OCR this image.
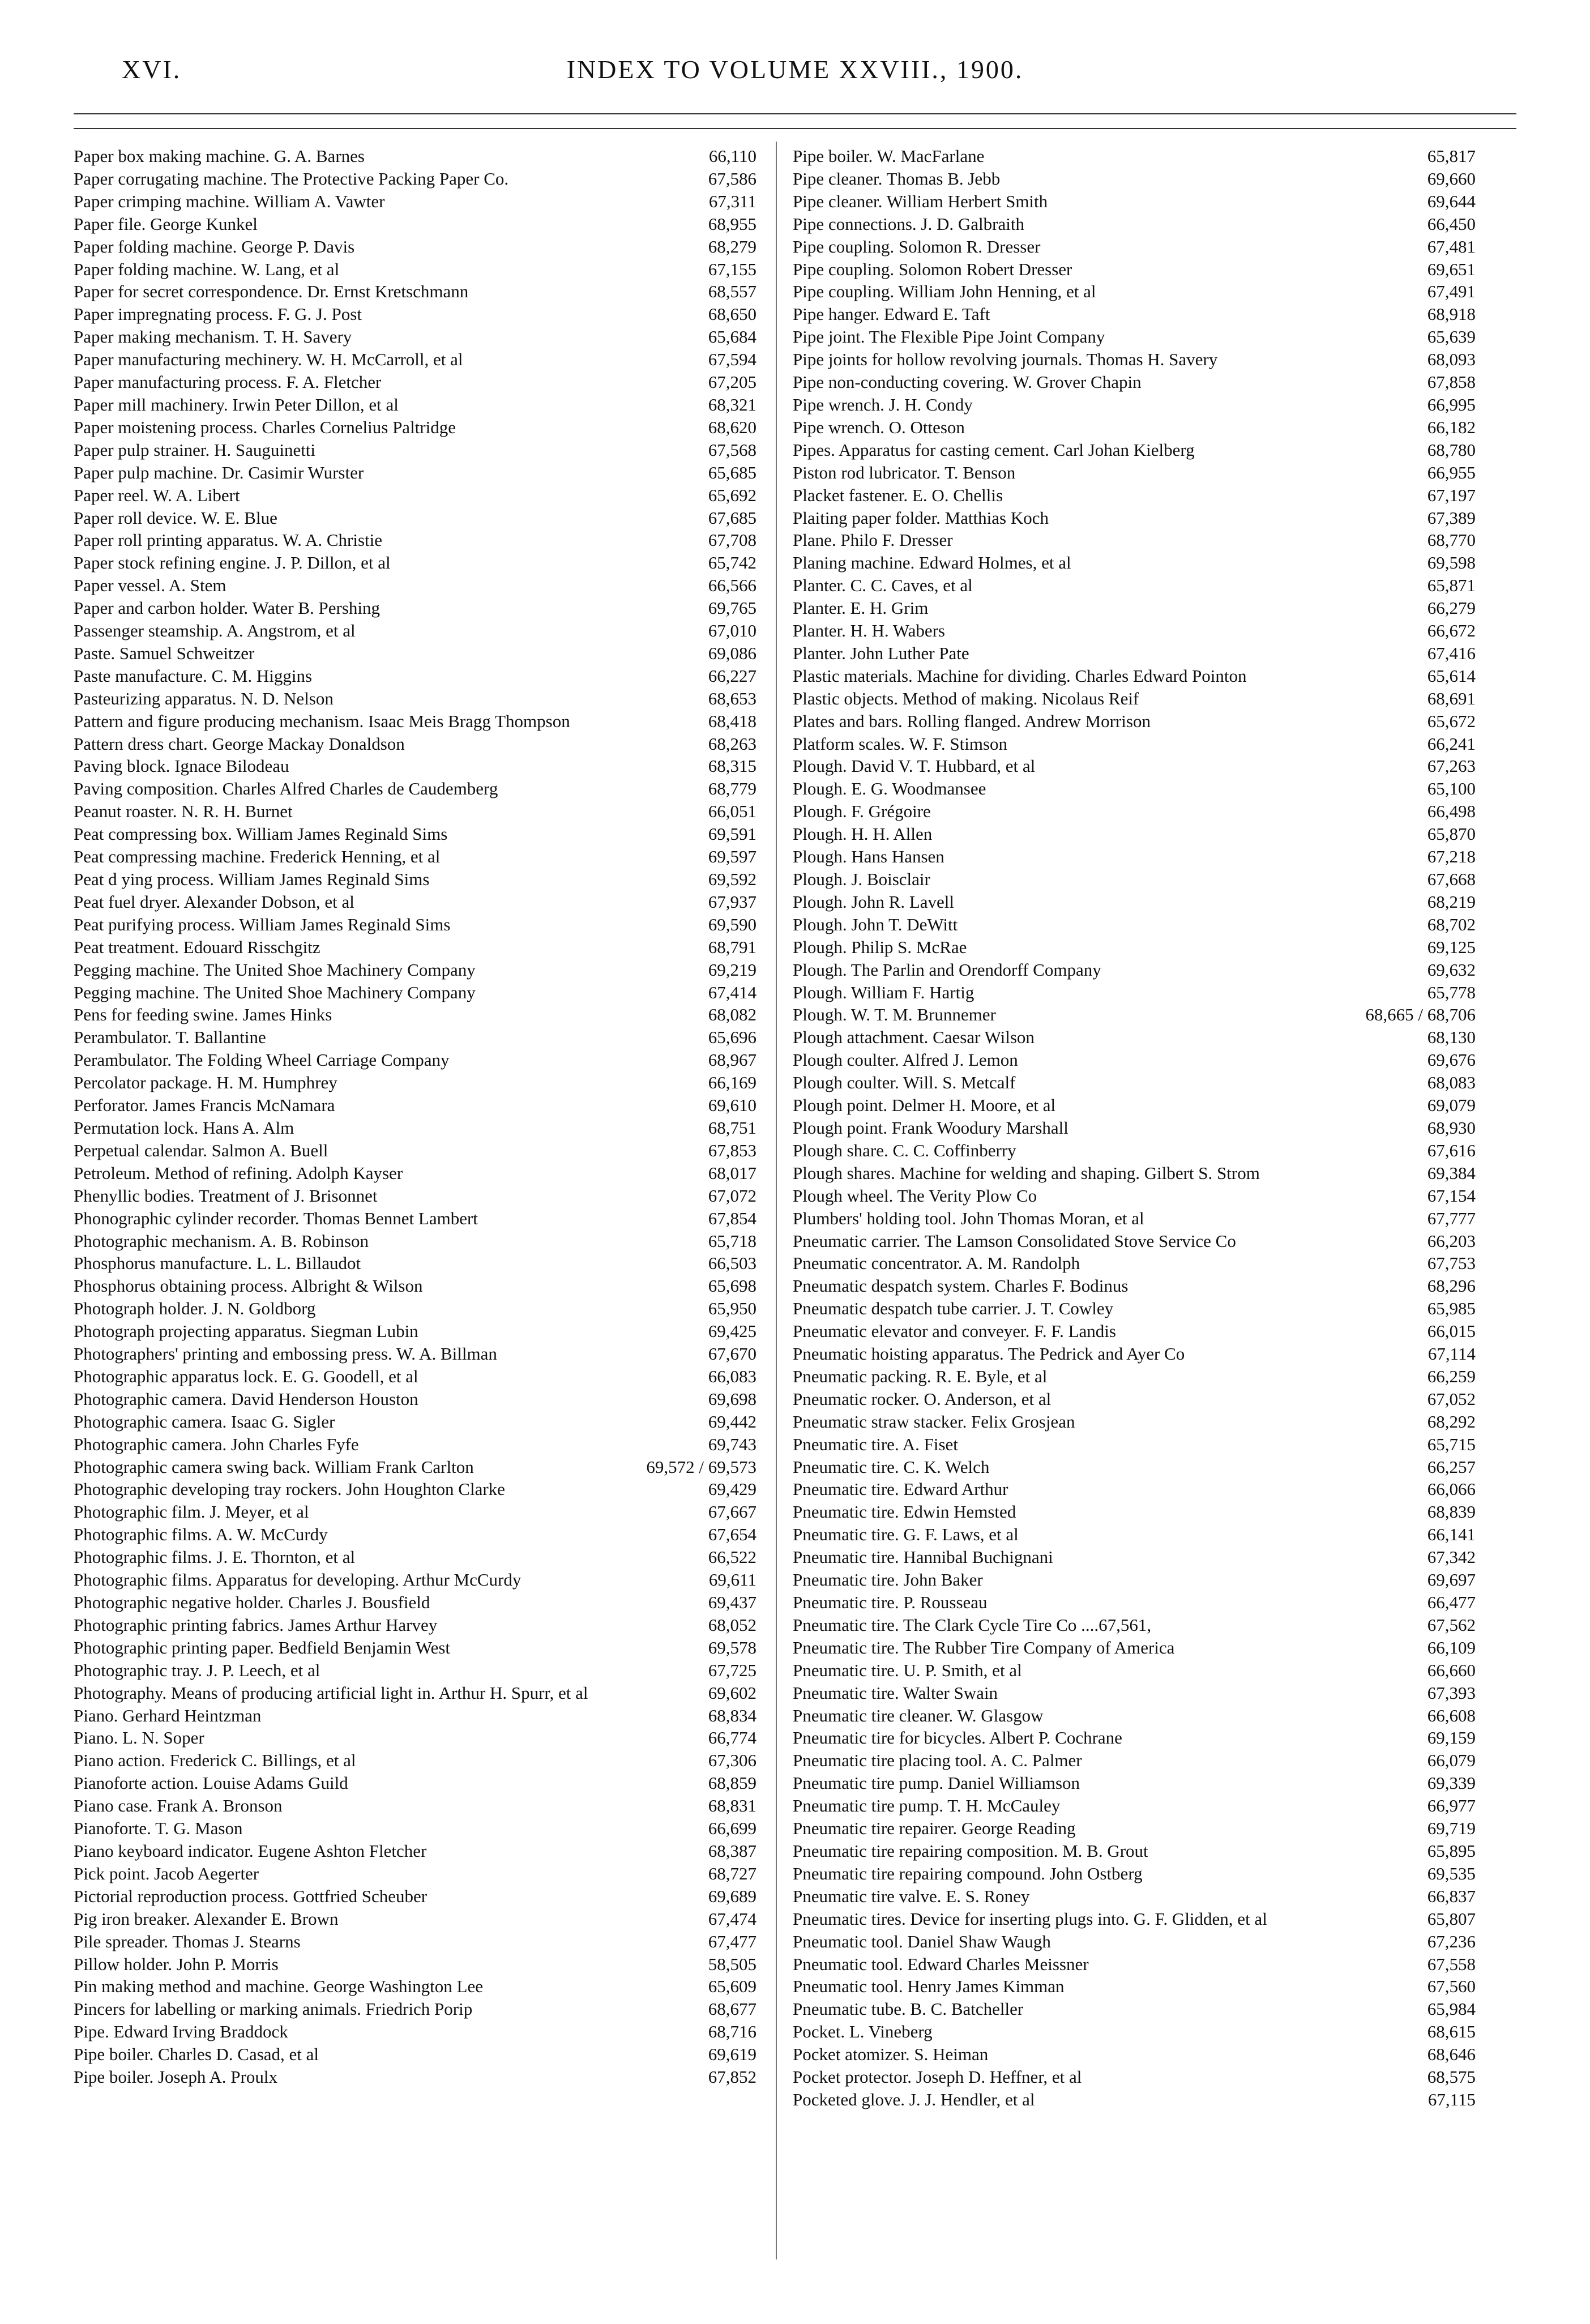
XVI.	INDEX TO VOLUME XXVIII., 1900.
Paper box making machine. G. A. Barnes	66,110
Paper corrugating machine. The Protective Packing Paper Co.	67,586
Paper crimping machine. William A. Vawter	67,311
Paper file. George Kunkel	68,955
Paper folding machine. George P. Davis	68,279
Paper folding machine. W. Lang, et al	67,155
Paper for secret correspondence. Dr. Ernst Kretschmann	68,557
Paper impregnating process. F. G. J. Post	68,650
Paper making mechanism. T. H. Savery	65,684
Paper manufacturing mechinery. W. H. McCarroll, et al	67,594
Paper manufacturing process. F. A. Fletcher	67,205
Paper mill machinery. Irwin Peter Dillon, et al	68,321
Paper moistening process. Charles Cornelius Paltridge	68,620
Paper pulp strainer. H. Sauguinetti	67,568
Paper pulp machine. Dr. Casimir Wurster	65,685
Paper reel. W. A. Libert	65,692
Paper roll device. W. E. Blue	67,685
Paper roll printing apparatus. W. A. Christie	67,708
Paper stock refining engine. J. P. Dillon, et al	65,742
Paper vessel. A. Stem	66,566
Paper and carbon holder. Water B. Pershing	69,765
Passenger steamship. A. Angstrom, et al	67,010
Paste. Samuel Schweitzer	69,086
Paste manufacture. C. M. Higgins	66,227
Pasteurizing apparatus. N. D. Nelson	68,653
Pattern and figure producing mechanism. Isaac Meis Bragg Thompson	68,418
Pattern dress chart. George Mackay Donaldson	68,263
Paving block. Ignace Bilodeau	68,315
Paving composition. Charles Alfred Charles de Caudemberg	68,779
Peanut roaster. N. R. H. Burnet	66,051
Peat compressing box. William James Reginald Sims	69,591
Peat compressing machine. Frederick Henning, et al	69,597
Peat d ying process. William James Reginald Sims	69,592
Peat fuel dryer. Alexander Dobson, et al	67,937
Peat purifying process. William James Reginald Sims	69,590
Peat treatment. Edouard Risschgitz	68,791
Pegging machine. The United Shoe Machinery Company	69,219
Pegging machine. The United Shoe Machinery Company	67,414
Pens for feeding swine. James Hinks	68,082
Perambulator. T. Ballantine	65,696
Perambulator. The Folding Wheel Carriage Company	68,967
Percolator package. H. M. Humphrey	66,169
Perforator. James Francis McNamara	69,610
Permutation lock. Hans A. Alm	68,751
Perpetual calendar. Salmon A. Buell	67,853
Petroleum. Method of refining. Adolph Kayser	68,017
Phenyllic bodies. Treatment of J. Brisonnet	67,072
Phonographic cylinder recorder. Thomas Bennet Lambert	67,854
Photographic mechanism. A. B. Robinson	65,718
Phosphorus manufacture. L. L. Billaudot	66,503
Phosphorus obtaining process. Albright & Wilson	65,698
Photograph holder. J. N. Goldborg	65,950
Photograph projecting apparatus. Siegman Lubin	69,425
Photographers' printing and embossing press. W. A. Billman	67,670
Photographic apparatus lock. E. G. Goodell, et al	66,083
Photographic camera. David Henderson Houston	69,698
Photographic camera. Isaac G. Sigler	69,442
Photographic camera. John Charles Fyfe	69,743
Photographic camera swing back. William Frank Carlton	69,572 / 69,573
Photographic developing tray rockers. John Houghton Clarke	69,429
Photographic film. J. Meyer, et al	67,667
Photographic films. A. W. McCurdy	67,654
Photographic films. J. E. Thornton, et al	66,522
Photographic films. Apparatus for developing. Arthur McCurdy	69,611
Photographic negative holder. Charles J. Bousfield	69,437
Photographic printing fabrics. James Arthur Harvey	68,052
Photographic printing paper. Bedfield Benjamin West	69,578
Photographic tray. J. P. Leech, et al	67,725
Photography. Means of producing artificial light in. Arthur H. Spurr, et al	69,602
Piano. Gerhard Heintzman	68,834
Piano. L. N. Soper	66,774
Piano action. Frederick C. Billings, et al	67,306
Pianoforte action. Louise Adams Guild	68,859
Piano case. Frank A. Bronson	68,831
Pianoforte. T. G. Mason	66,699
Piano keyboard indicator. Eugene Ashton Fletcher	68,387
Pick point. Jacob Aegerter	68,727
Pictorial reproduction process. Gottfried Scheuber	69,689
Pig iron breaker. Alexander E. Brown	67,474
Pile spreader. Thomas J. Stearns	67,477
Pillow holder. John P. Morris	58,505
Pin making method and machine. George Washington Lee	65,609
Pincers for labelling or marking animals. Friedrich Porip	68,677
Pipe. Edward Irving Braddock	68,716
Pipe boiler. Charles D. Casad, et al	69,619
Pipe boiler. Joseph A. Proulx	67,852
Pipe boiler. W. MacFarlane	65,817
Pipe cleaner. Thomas B. Jebb	69,660
Pipe cleaner. William Herbert Smith	69,644
Pipe connections. J. D. Galbraith	66,450
Pipe coupling. Solomon R. Dresser	67,481
Pipe coupling. Solomon Robert Dresser	69,651
Pipe coupling. William John Henning, et al	67,491
Pipe hanger. Edward E. Taft	68,918
Pipe joint. The Flexible Pipe Joint Company	65,639
Pipe joints for hollow revolving journals. Thomas H. Savery	68,093
Pipe non-conducting covering. W. Grover Chapin	67,858
Pipe wrench. J. H. Condy	66,995
Pipe wrench. O. Otteson	66,182
Pipes. Apparatus for casting cement. Carl Johan Kielberg	68,780
Piston rod lubricator. T. Benson	66,955
Placket fastener. E. O. Chellis	67,197
Plaiting paper folder. Matthias Koch	67,389
Plane. Philo F. Dresser	68,770
Planing machine. Edward Holmes, et al	69,598
Planter. C. C. Caves, et al	65,871
Planter. E. H. Grim	66,279
Planter. H. H. Wabers	66,672
Planter. John Luther Pate	67,416
Plastic materials. Machine for dividing. Charles Edward Pointon	65,614
Plastic objects. Method of making. Nicolaus Reif	68,691
Plates and bars. Rolling flanged. Andrew Morrison	65,672
Platform scales. W. F. Stimson	66,241
Plough. David V. T. Hubbard, et al	67,263
Plough. E. G. Woodmansee	65,100
Plough. F. Grégoire	66,498
Plough. H. H. Allen	65,870
Plough. Hans Hansen	67,218
Plough. J. Boisclair	67,668
Plough. John R. Lavell	68,219
Plough. John T. DeWitt	68,702
Plough. Philip S. McRae	69,125
Plough. The Parlin and Orendorff Company	69,632
Plough. William F. Hartig	65,778
Plough. W. T. M. Brunnemer	68,665 / 68,706
Plough attachment. Caesar Wilson	68,130
Plough coulter. Alfred J. Lemon	69,676
Plough coulter. Will. S. Metcalf	68,083
Plough point. Delmer H. Moore, et al	69,079
Plough point. Frank Woodury Marshall	68,930
Plough share. C. C. Coffinberry	67,616
Plough shares. Machine for welding and shaping. Gilbert S. Strom	69,384
Plough wheel. The Verity Plow Co	67,154
Plumbers' holding tool. John Thomas Moran, et al	67,777
Pneumatic carrier. The Lamson Consolidated Stove Service Co	66,203
Pneumatic concentrator. A. M. Randolph	67,753
Pneumatic despatch system. Charles F. Bodinus	68,296
Pneumatic despatch tube carrier. J. T. Cowley	65,985
Pneumatic elevator and conveyer. F. F. Landis	66,015
Pneumatic hoisting apparatus. The Pedrick and Ayer Co	67,114
Pneumatic packing. R. E. Byle, et al	66,259
Pneumatic rocker. O. Anderson, et al	67,052
Pneumatic straw stacker. Felix Grosjean	68,292
Pneumatic tire. A. Fiset	65,715
Pneumatic tire. C. K. Welch	66,257
Pneumatic tire. Edward Arthur	66,066
Pneumatic tire. Edwin Hemsted	68,839
Pneumatic tire. G. F. Laws, et al	66,141
Pneumatic tire. Hannibal Buchignani	67,342
Pneumatic tire. John Baker	69,697
Pneumatic tire. P. Rousseau	66,477
Pneumatic tire. The Clark Cycle Tire Co ....67,561,	67,562
Pneumatic tire. The Rubber Tire Company of America	66,109
Pneumatic tire. U. P. Smith, et al	66,660
Pneumatic tire. Walter Swain	67,393
Pneumatic tire cleaner. W. Glasgow	66,608
Pneumatic tire for bicycles. Albert P. Cochrane	69,159
Pneumatic tire placing tool. A. C. Palmer	66,079
Pneumatic tire pump. Daniel Williamson	69,339
Pneumatic tire pump. T. H. McCauley	66,977
Pneumatic tire repairer. George Reading	69,719
Pneumatic tire repairing composition. M. B. Grout	65,895
Pneumatic tire repairing compound. John Ostberg	69,535
Pneumatic tire valve. E. S. Roney	66,837
Pneumatic tires. Device for inserting plugs into. G. F. Glidden, et al	65,807
Pneumatic tool. Daniel Shaw Waugh	67,236
Pneumatic tool. Edward Charles Meissner	67,558
Pneumatic tool. Henry James Kimman	67,560
Pneumatic tube. B. C. Batcheller	65,984
Pocket. L. Vineberg	68,615
Pocket atomizer. S. Heiman	68,646
Pocket protector. Joseph D. Heffner, et al	68,575
Pocketed glove. J. J. Hendler, et al	67,115
